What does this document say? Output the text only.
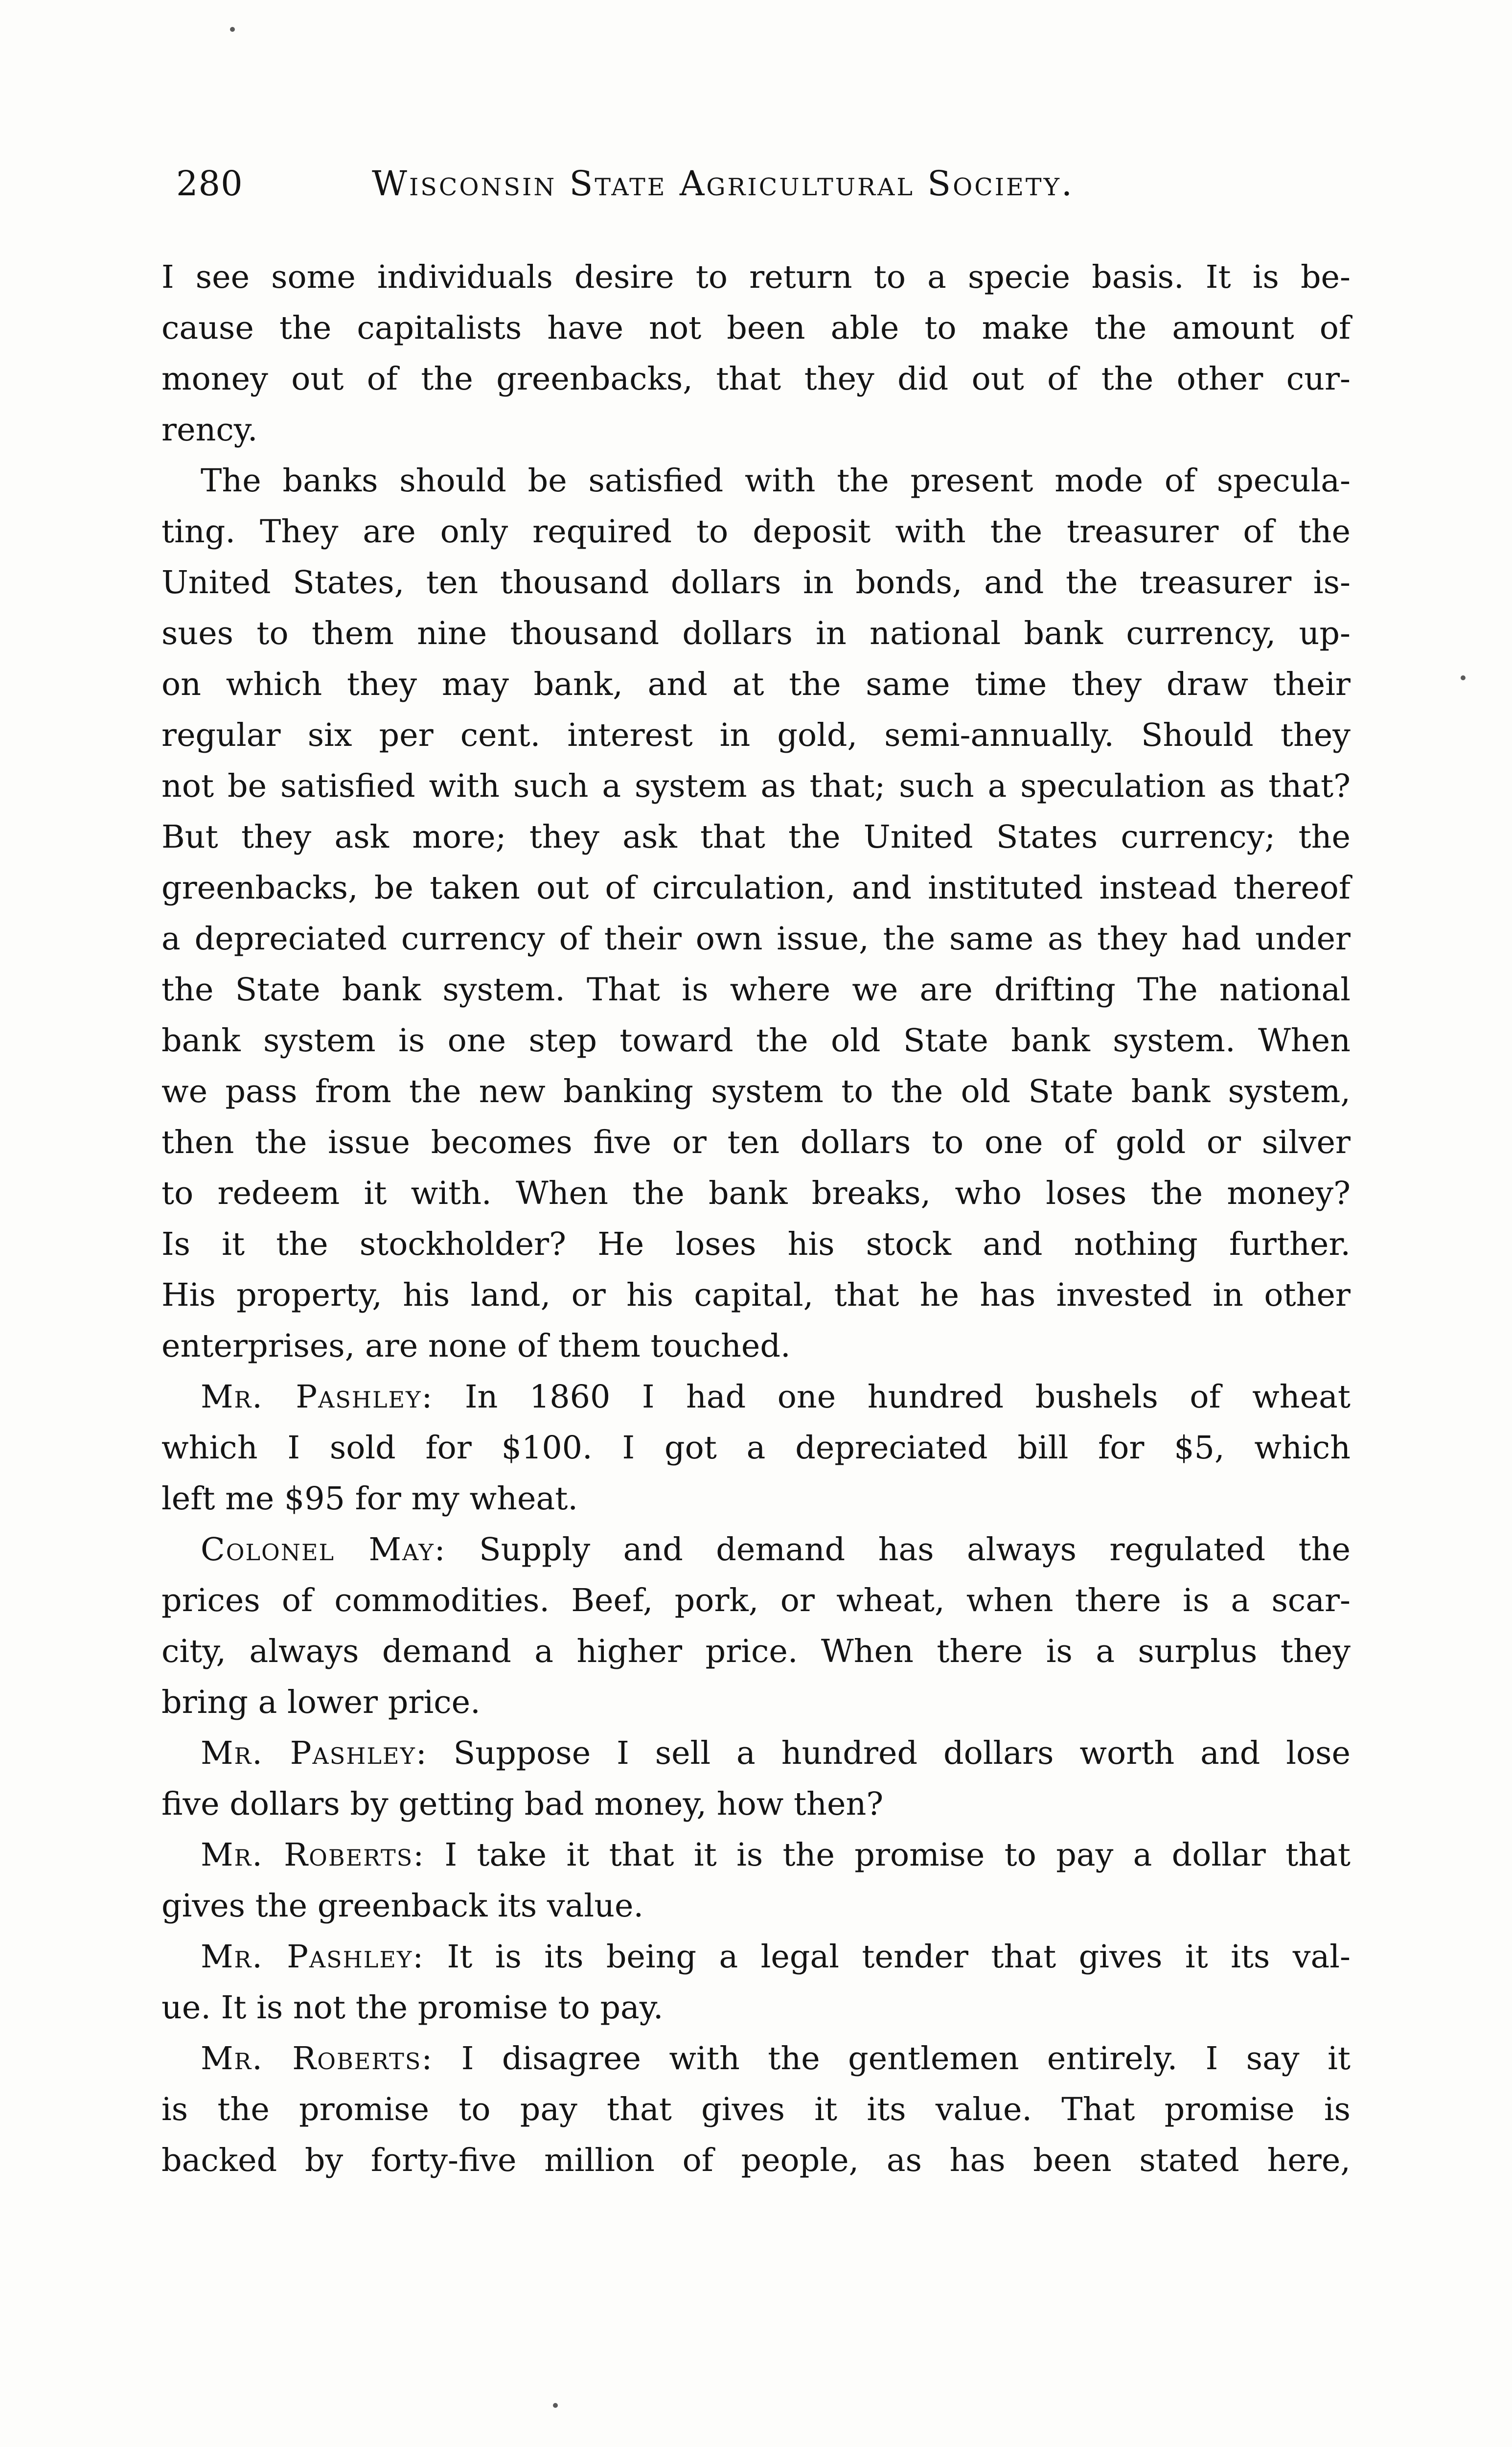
280	Wisconsin State Agricultural Society.
I see some individuals desire to return to a specie basis. It is be-
cause the capitalists have not been able to make the amount of
money out of the greenbacks, that they did out of the other cur-
rency.
The banks should be satisfied with the present mode of specula-
ting. They are only required to deposit with the treasurer of the
United States, ten thousand dollars in bonds, and the treasurer is-
sues to them nine thousand dollars in national bank currency, up-
on which they may bank, and at the same time they draw their
regular six per cent. interest in gold, semi-annually. Should they
not be satisfied with such a system as that; such a speculation as that?
But they ask more; they ask that the United States currency; the
greenbacks, be taken out of circulation, and instituted instead thereof
a depreciated currency of their own issue, the same as they had under
the State bank system. That is where we are drifting The national
bank system is one step toward the old State bank system. When
we pass from the new banking system to the old State bank system,
then the issue becomes five or ten dollars to one of gold or silver
to redeem it with. When the bank breaks, who loses the money?
Is it the stockholder? He loses his stock and nothing further.
His property, his land, or his capital, that he has invested in other
enterprises, are none of them touched.
Mr. Pashley: In 1860 I had one hundred bushels of wheat
which I sold for $100. I got a depreciated bill for $5, which
left me $95 for my wheat.
Colonel May: Supply and demand has always regulated the
prices of commodities. Beef, pork, or wheat, when there is a scar-
city, always demand a higher price. When there is a surplus they
bring a lower price.
Mr. Pashley: Suppose I sell a hundred dollars worth and lose
five dollars by getting bad money, how then?
Mr. Roberts: I take it that it is the promise to pay a dollar that
gives the greenback its value.
Mr. Pashley: It is its being a legal tender that gives it its val-
ue. It is not the promise to pay.
Mr. Roberts: I disagree with the gentlemen entirely. I say it
is the promise to pay that gives it its value. That promise is
backed by forty-five million of people, as has been stated here,
